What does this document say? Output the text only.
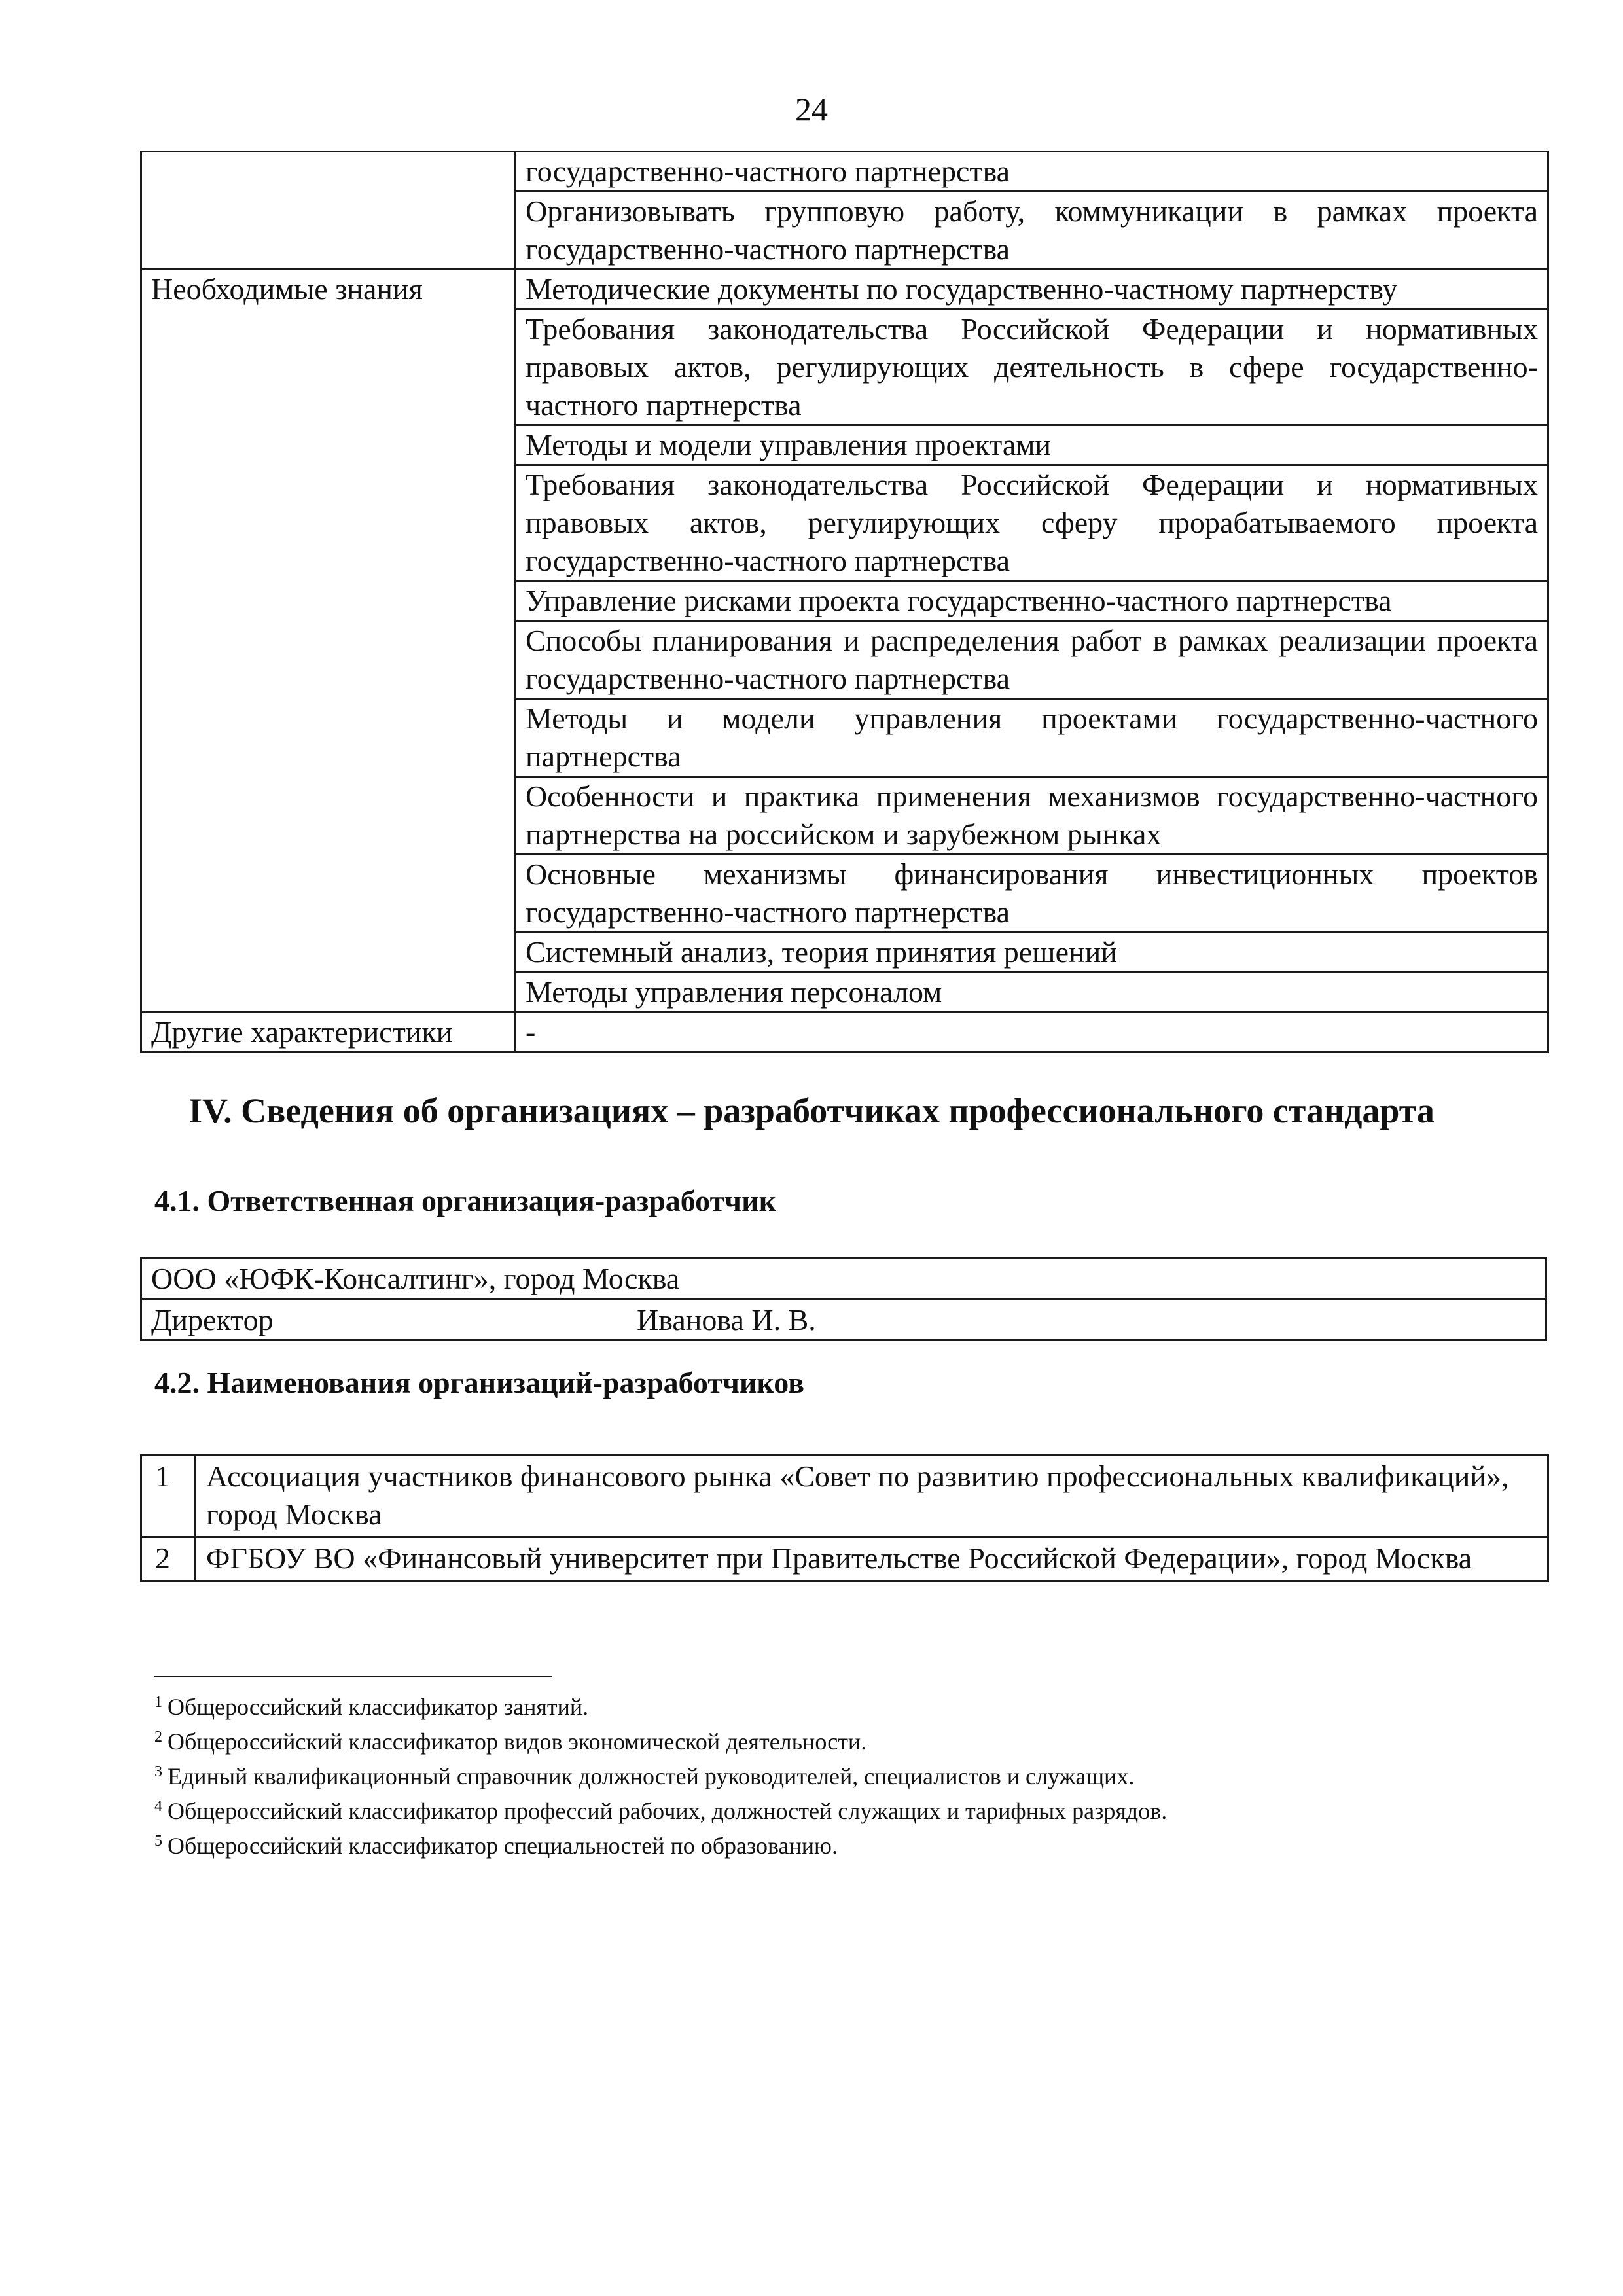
24
	государственно-частного партнерства
	Организовывать групповую работу, коммуникации в рамках проекта государственно-частного партнерства
Необходимые знания	Методические документы по государственно-частному партнерству
	Требования законодательства Российской Федерации и нормативных правовых актов, регулирующих деятельность в сфере государственно-частного партнерства
	Методы и модели управления проектами
	Требования законодательства Российской Федерации и нормативных правовых актов, регулирующих сферу прорабатываемого проекта государственно-частного партнерства
	Управление рисками проекта государственно-частного партнерства
	Способы планирования и распределения работ в рамках реализации проекта государственно-частного партнерства
	Методы и модели управления проектами государственно-частного партнерства
	Особенности и практика применения механизмов государственно-частного партнерства на российском и зарубежном рынках
	Основные механизмы финансирования инвестиционных проектов государственно-частного партнерства
	Системный анализ, теория принятия решений
	Методы управления персоналом
Другие характеристики	-
IV. Сведения об организациях – разработчиках профессионального стандарта
4.1. Ответственная организация-разработчик
ООО «ЮФК-Консалтинг», город Москва
Директор	Иванова И. В.
4.2. Наименования организаций-разработчиков
1	Ассоциация участников финансового рынка «Совет по развитию профессиональных квалификаций», город Москва
2	ФГБОУ ВО «Финансовый университет при Правительстве Российской Федерации», город Москва
$^1$ Общероссийский классификатор занятий.
$^2$ Общероссийский классификатор видов экономической деятельности.
$^3$ Единый квалификационный справочник должностей руководителей, специалистов и служащих.
$^4$ Общероссийский классификатор профессий рабочих, должностей служащих и тарифных разрядов.
$^5$ Общероссийский классификатор специальностей по образованию.
